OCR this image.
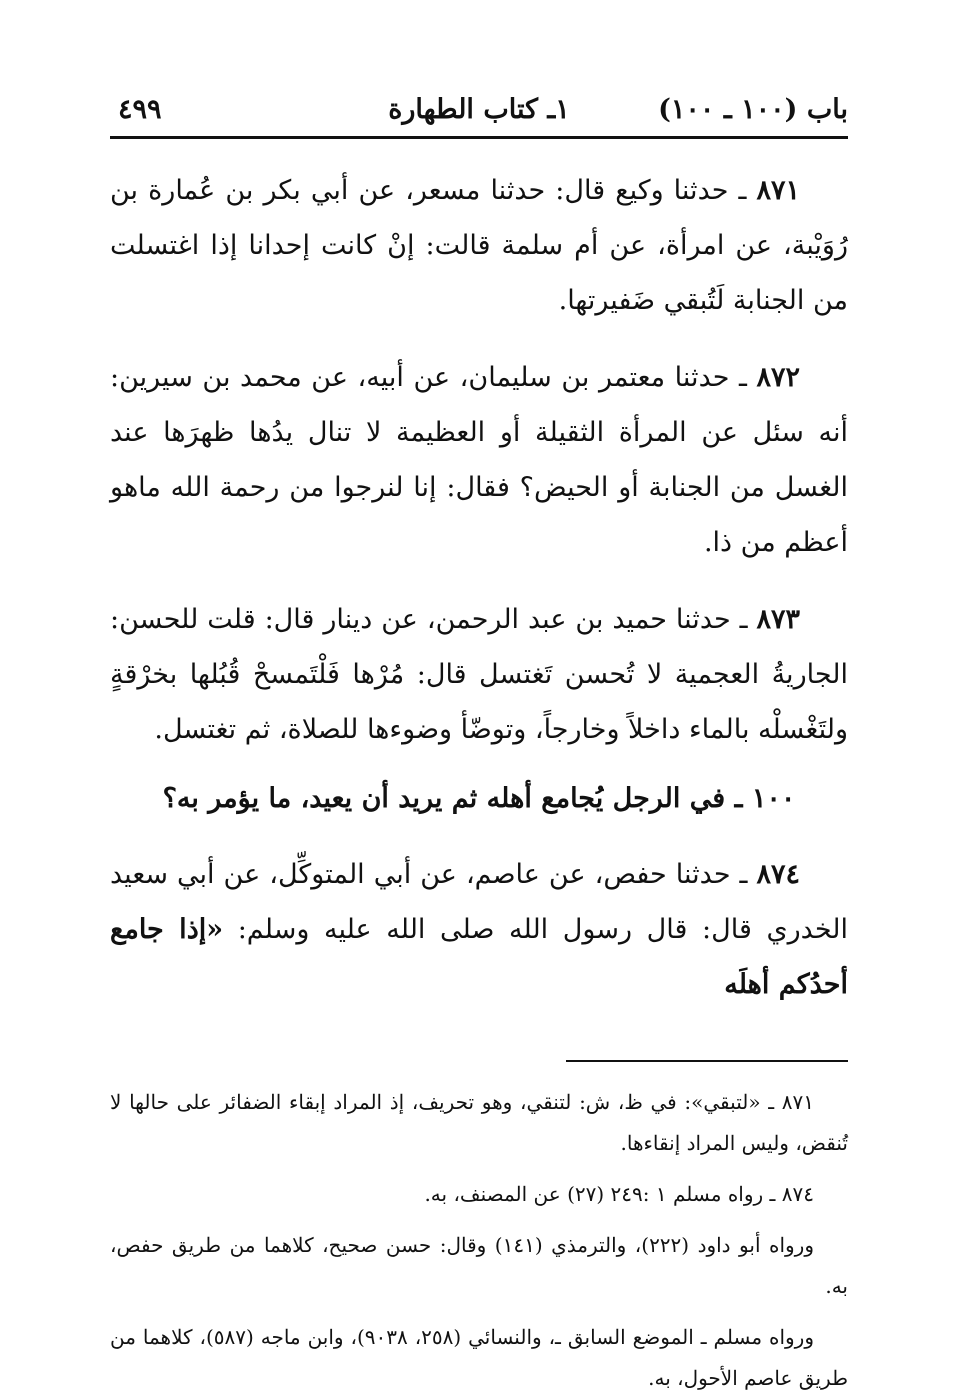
باب (١٠٠ ـ ١٠٠)
١ـ كتاب الطهارة
٤٩٩

٨٧١ ـ حدثنا وكيع قال: حدثنا مسعر، عن أبي بكر بن عُمارة بن رُوَيْبة، عن امرأة، عن أم سلمة قالت: إنْ كانت إحدانا إذا اغتسلت من الجنابة لَتُبقي ضَفيرتها.

٨٧٢ ـ حدثنا معتمر بن سليمان، عن أبيه، عن محمد بن سيرين: أنه سئل عن المرأة الثقيلة أو العظيمة لا تنال يدُها ظهرَها عند الغسل من الجنابة أو الحيض؟ فقال: إنا لنرجوا من رحمة الله ماهو أعظم من ذا.

٨٧٣ ـ حدثنا حميد بن عبد الرحمن، عن دينار قال: قلت للحسن: الجاريةُ العجمية لا تُحسن تَغتسل قال: مُرْها فَلْتَمسحْ قُبُلها بخرْقةٍ ولتَغْسلْه بالماء داخلاً وخارجاً، وتوضّأ وضوءها للصلاة، ثم تغتسل.

١٠٠ ـ في الرجل يُجامع أهله ثم يريد أن يعيد، ما يؤمر به؟

٨٧٤ ـ حدثنا حفص، عن عاصم، عن أبي المتوكِّل، عن أبي سعيد الخدري قال: قال رسول الله صلى الله عليه وسلم: «إذا جامع أحدُكم أهلَه

٨٧١ ـ «لتبقي»: في ظ، ش: لتنقي، وهو تحريف، إذ المراد إبقاء الضفائر على حالها لا تُنقض، وليس المراد إنقاءها.

٨٧٤ ـ رواه مسلم ١ :٢٤٩ (٢٧) عن المصنف، به.

ورواه أبو داود (٢٢٢)، والترمذي (١٤١) وقال: حسن صحيح، كلاهما من طريق حفص، به.

ورواه مسلم ـ الموضع السابق ـ، والنسائي (٢٥٨، ٩٠٣٨)، وابن ماجه (٥٨٧)، كلاهما من طريق عاصم الأحول، به.
